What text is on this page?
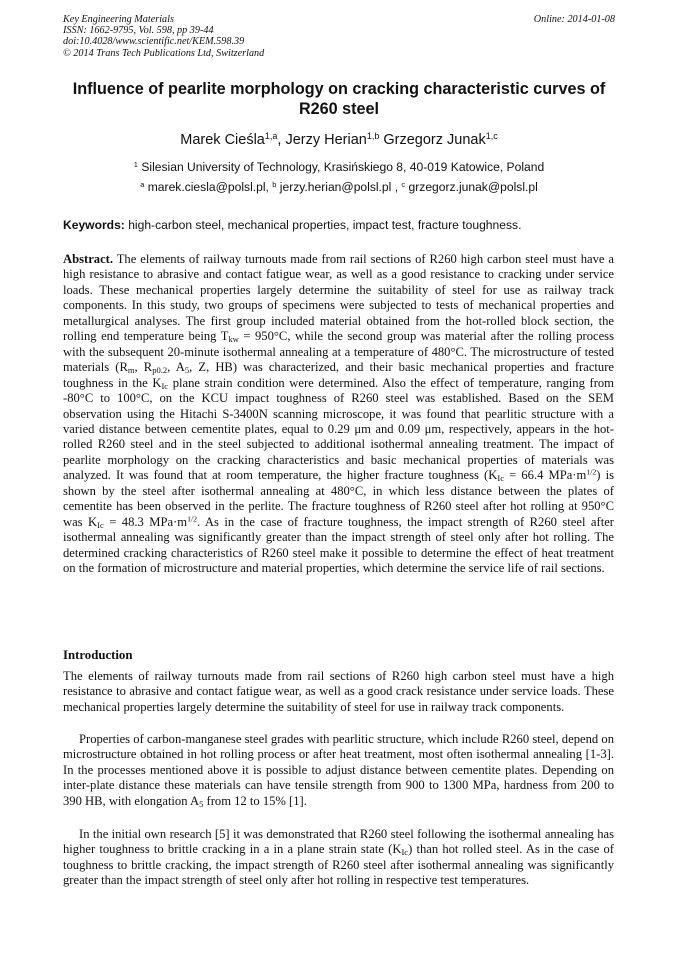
Key Engineering Materials
ISSN: 1662-9795, Vol. 598, pp 39-44
doi:10.4028/www.scientific.net/KEM.598.39
© 2014 Trans Tech Publications Ltd, Switzerland
Online: 2014-01-08
Influence of pearlite morphology on cracking characteristic curves of R260 steel
Marek Cieśla$^{1,a}$, Jerzy Herian$^{1,b}$ Grzegorz Junak$^{1,c}$
$^1$ Silesian University of Technology, Krasińskiego 8, 40-019 Katowice, Poland
$^a$ marek.ciesla@polsl.pl, $^b$ jerzy.herian@polsl.pl , $^c$ grzegorz.junak@polsl.pl
Keywords: high-carbon steel, mechanical properties, impact test, fracture toughness.

Abstract. The elements of railway turnouts made from rail sections of R260 high carbon steel must have a high resistance to abrasive and contact fatigue wear, as well as a good resistance to cracking under service loads. These mechanical properties largely determine the suitability of steel for use as railway track components. In this study, two groups of specimens were subjected to tests of mechanical properties and metallurgical analyses. The first group included material obtained from the hot-rolled block section, the rolling end temperature being $T_{kw} = 950^\circ C$, while the second group was material after the rolling process with the subsequent 20-minute isothermal annealing at a temperature of 480°C. The microstructure of tested materials ($R_m$, $R_{p0.2}$, $A_5$, Z, HB) was characterized, and their basic mechanical properties and fracture toughness in the $K_{Ic}$ plane strain condition were determined. Also the effect of temperature, ranging from -80°C to 100°C, on the KCU impact toughness of R260 steel was established. Based on the SEM observation using the Hitachi S-3400N scanning microscope, it was found that pearlitic structure with a varied distance between cementite plates, equal to 0.29 μm and 0.09 μm, respectively, appears in the hot-rolled R260 steel and in the steel subjected to additional isothermal annealing treatment. The impact of pearlite morphology on the cracking characteristics and basic mechanical properties of materials was analyzed. It was found that at room temperature, the higher fracture toughness ($K_{Ic} = 66.4$ $MPa\cdot m^{1/2}$) is shown by the steel after isothermal annealing at 480°C, in which less distance between the plates of cementite has been observed in the perlite. The fracture toughness of R260 steel after hot rolling at 950°C was $K_{Ic} = 48.3$ $MPa\cdot m^{1/2}$. As in the case of fracture toughness, the impact strength of R260 steel after isothermal annealing was significantly greater than the impact strength of steel only after hot rolling. The determined cracking characteristics of R260 steel make it possible to determine the effect of heat treatment on the formation of microstructure and material properties, which determine the service life of rail sections.

Introduction

The elements of railway turnouts made from rail sections of R260 high carbon steel must have a high resistance to abrasive and contact fatigue wear, as well as a good crack resistance under service loads. These mechanical properties largely determine the suitability of steel for use in railway track components.

Properties of carbon-manganese steel grades with pearlitic structure, which include R260 steel, depend on microstructure obtained in hot rolling process or after heat treatment, most often isothermal annealing [1-3]. In the processes mentioned above it is possible to adjust distance between cementite plates. Depending on inter-plate distance these materials can have tensile strength from 900 to 1300 MPa, hardness from 200 to 390 HB, with elongation $A_5$ from 12 to 15% [1].

In the initial own research [5] it was demonstrated that R260 steel following the isothermal annealing has higher toughness to brittle cracking in a in a plane strain state $(K_{Ic})$ than hot rolled steel. As in the case of toughness to brittle cracking, the impact strength of R260 steel after isothermal annealing was significantly greater than the impact strength of steel only after hot rolling in respective test temperatures.
